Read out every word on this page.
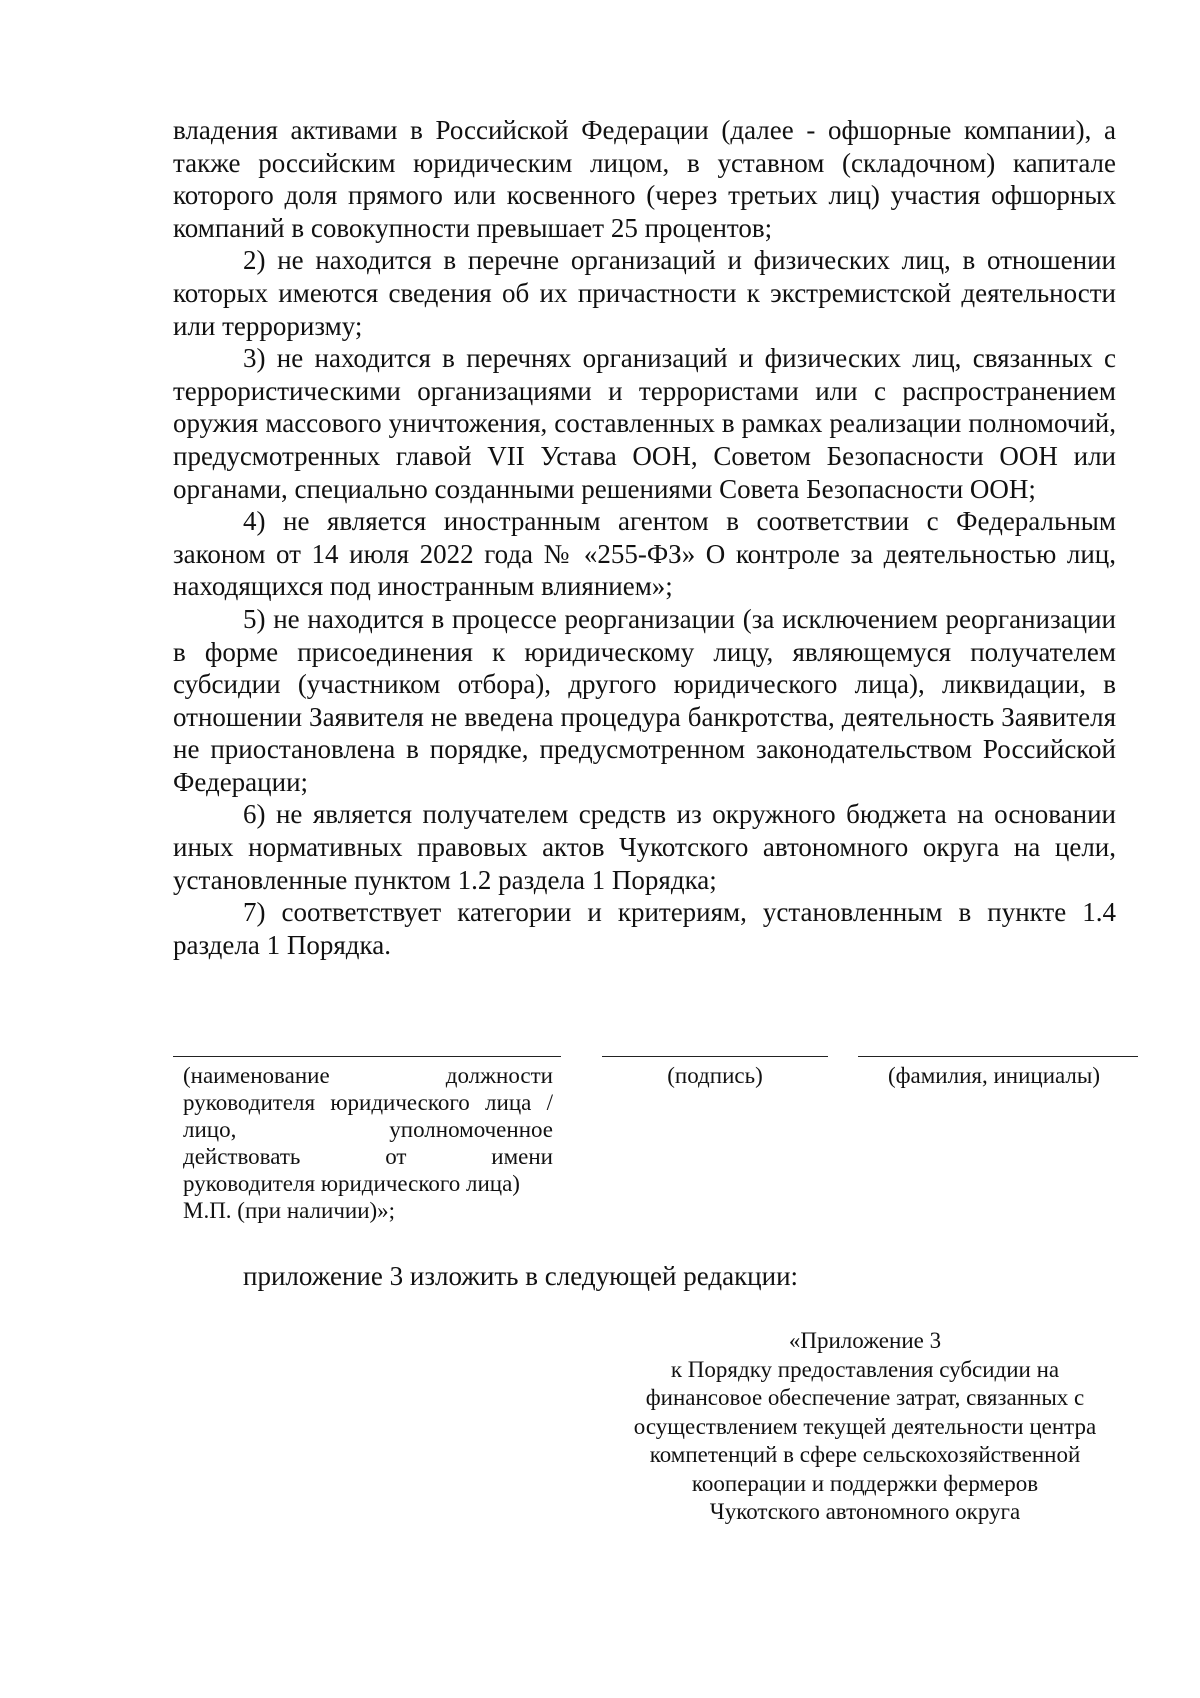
владения активами в Российской Федерации (далее - офшорные компании), а также российским юридическим лицом, в уставном (складочном) капитале которого доля прямого или косвенного (через третьих лиц) участия офшорных компаний в совокупности превышает 25 процентов;

2) не находится в перечне организаций и физических лиц, в отношении которых имеются сведения об их причастности к экстремистской деятельности или терроризму;

3) не находится в перечнях организаций и физических лиц, связанных с террористическими организациями и террористами или с распространением оружия массового уничтожения, составленных в рамках реализации полномочий, предусмотренных главой VII Устава ООН, Советом Безопасности ООН или органами, специально созданными решениями Совета Безопасности ООН;

4) не является иностранным агентом в соответствии с Федеральным законом от 14 июля 2022 года № «255-ФЗ» О контроле за деятельностью лиц, находящихся под иностранным влиянием»;

5) не находится в процессе реорганизации (за исключением реорганизации в форме присоединения к юридическому лицу, являющемуся получателем субсидии (участником отбора), другого юридического лица), ликвидации, в отношении Заявителя не введена процедура банкротства, деятельность Заявителя не приостановлена в порядке, предусмотренном законодательством Российской Федерации;

6) не является получателем средств из окружного бюджета на основании иных нормативных правовых актов Чукотского автономного округа на цели, установленные пунктом 1.2 раздела 1 Порядка;

7) соответствует категории и критериям, установленным в пункте 1.4 раздела 1 Порядка.

(наименование должности
руководителя юридического лица /
лицо, уполномоченное
действовать от имени
руководителя юридического лица)
М.П. (при наличии)»;
(подпись)	(фамилия, инициалы)
приложение 3 изложить в следующей редакции:
«Приложение 3
к Порядку предоставления субсидии на
финансовое обеспечение затрат, связанных с
осуществлением текущей деятельности центра
компетенций в сфере сельскохозяйственной
кооперации и поддержки фермеров
Чукотского автономного округа
